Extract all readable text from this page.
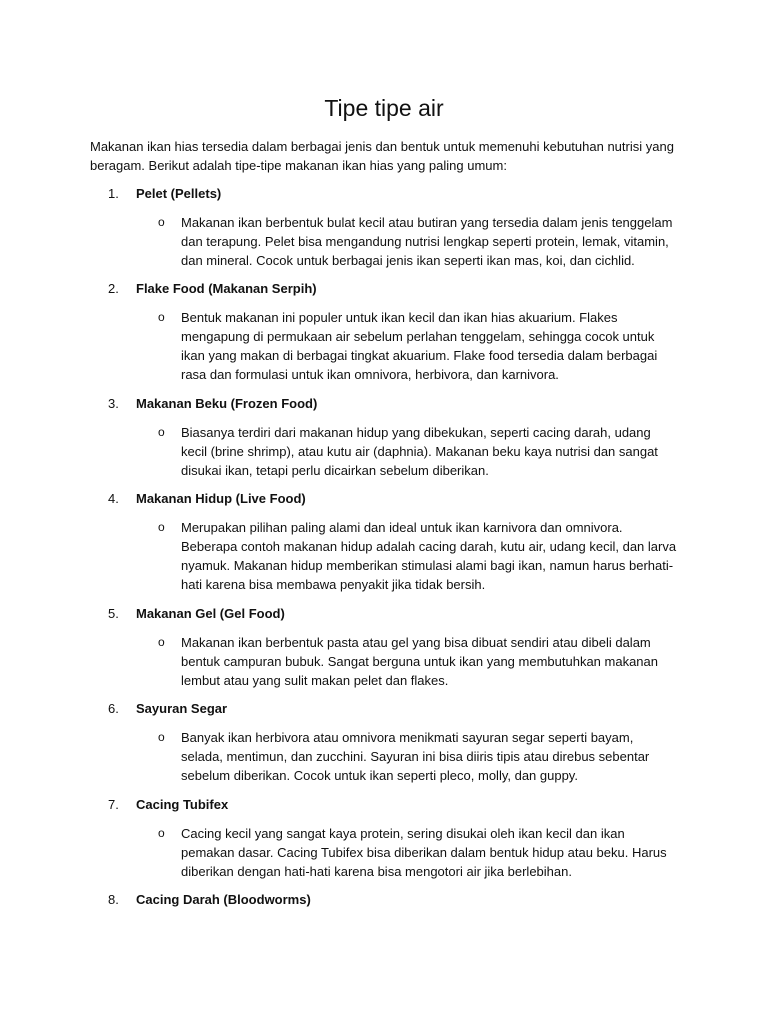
Tipe tipe air

Makanan ikan hias tersedia dalam berbagai jenis dan bentuk untuk memenuhi kebutuhan nutrisi yang beragam. Berikut adalah tipe-tipe makanan ikan hias yang paling umum:

1.	Pelet (Pellets)
o Makanan ikan berbentuk bulat kecil atau butiran yang tersedia dalam jenis tenggelam dan terapung. Pelet bisa mengandung nutrisi lengkap seperti protein, lemak, vitamin, dan mineral. Cocok untuk berbagai jenis ikan seperti ikan mas, koi, dan cichlid.

2.	Flake Food (Makanan Serpih)
o Bentuk makanan ini populer untuk ikan kecil dan ikan hias akuarium. Flakes mengapung di permukaan air sebelum perlahan tenggelam, sehingga cocok untuk ikan yang makan di berbagai tingkat akuarium. Flake food tersedia dalam berbagai rasa dan formulasi untuk ikan omnivora, herbivora, dan karnivora.

3.	Makanan Beku (Frozen Food)
o Biasanya terdiri dari makanan hidup yang dibekukan, seperti cacing darah, udang kecil (brine shrimp), atau kutu air (daphnia). Makanan beku kaya nutrisi dan sangat disukai ikan, tetapi perlu dicairkan sebelum diberikan.

4.	Makanan Hidup (Live Food)
o Merupakan pilihan paling alami dan ideal untuk ikan karnivora dan omnivora. Beberapa contoh makanan hidup adalah cacing darah, kutu air, udang kecil, dan larva nyamuk. Makanan hidup memberikan stimulasi alami bagi ikan, namun harus berhati-hati karena bisa membawa penyakit jika tidak bersih.

5.	Makanan Gel (Gel Food)
o Makanan ikan berbentuk pasta atau gel yang bisa dibuat sendiri atau dibeli dalam bentuk campuran bubuk. Sangat berguna untuk ikan yang membutuhkan makanan lembut atau yang sulit makan pelet dan flakes.

6.	Sayuran Segar
o Banyak ikan herbivora atau omnivora menikmati sayuran segar seperti bayam, selada, mentimun, dan zucchini. Sayuran ini bisa diiris tipis atau direbus sebentar sebelum diberikan. Cocok untuk ikan seperti pleco, molly, dan guppy.

7.	Cacing Tubifex
o Cacing kecil yang sangat kaya protein, sering disukai oleh ikan kecil dan ikan pemakan dasar. Cacing Tubifex bisa diberikan dalam bentuk hidup atau beku. Harus diberikan dengan hati-hati karena bisa mengotori air jika berlebihan.

8.	Cacing Darah (Bloodworms)
